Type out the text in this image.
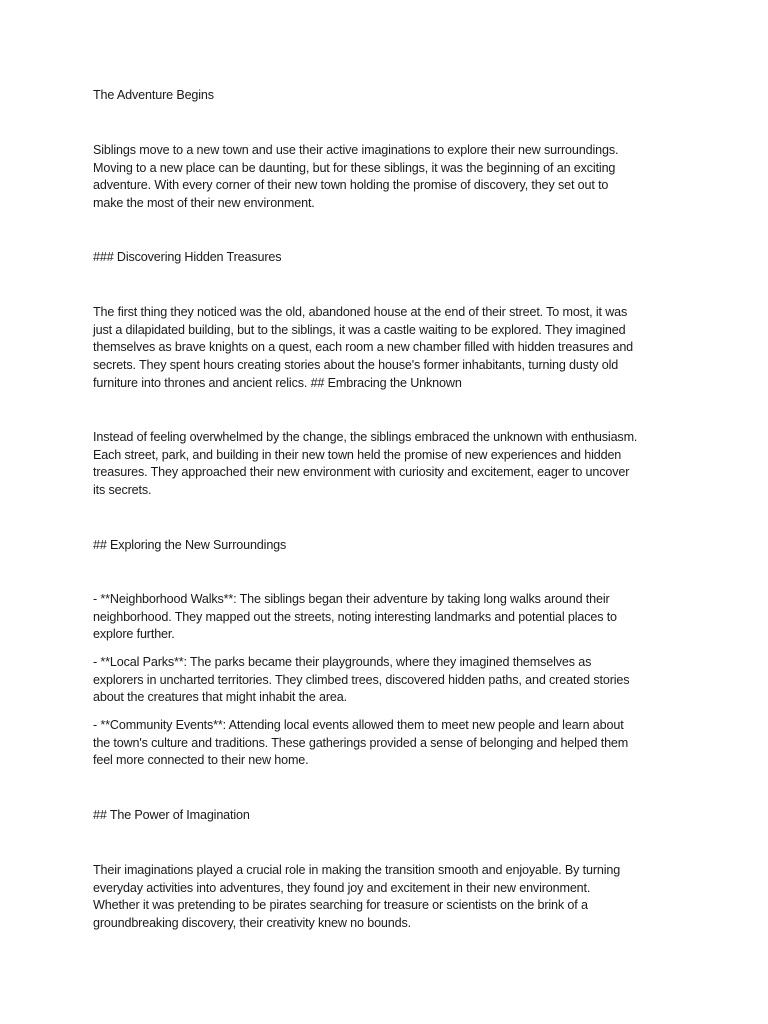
The Adventure Begins

Siblings move to a new town and use their active imaginations to explore their new surroundings.
Moving to a new place can be daunting, but for these siblings, it was the beginning of an exciting
adventure. With every corner of their new town holding the promise of discovery, they set out to
make the most of their new environment.

### Discovering Hidden Treasures

The first thing they noticed was the old, abandoned house at the end of their street. To most, it was
just a dilapidated building, but to the siblings, it was a castle waiting to be explored. They imagined
themselves as brave knights on a quest, each room a new chamber filled with hidden treasures and
secrets. They spent hours creating stories about the house's former inhabitants, turning dusty old
furniture into thrones and ancient relics. ## Embracing the Unknown
Instead of feeling overwhelmed by the change, the siblings embraced the unknown with enthusiasm.
Each street, park, and building in their new town held the promise of new experiences and hidden
treasures. They approached their new environment with curiosity and excitement, eager to uncover
its secrets.

## Exploring the New Surroundings

- **Neighborhood Walks**: The siblings began their adventure by taking long walks around their
neighborhood. They mapped out the streets, noting interesting landmarks and potential places to
explore further.
- **Local Parks**: The parks became their playgrounds, where they imagined themselves as
explorers in uncharted territories. They climbed trees, discovered hidden paths, and created stories
about the creatures that might inhabit the area.
- **Community Events**: Attending local events allowed them to meet new people and learn about
the town's culture and traditions. These gatherings provided a sense of belonging and helped them
feel more connected to their new home.

## The Power of Imagination

Their imaginations played a crucial role in making the transition smooth and enjoyable. By turning
everyday activities into adventures, they found joy and excitement in their new environment.
Whether it was pretending to be pirates searching for treasure or scientists on the brink of a
groundbreaking discovery, their creativity knew no bounds.
